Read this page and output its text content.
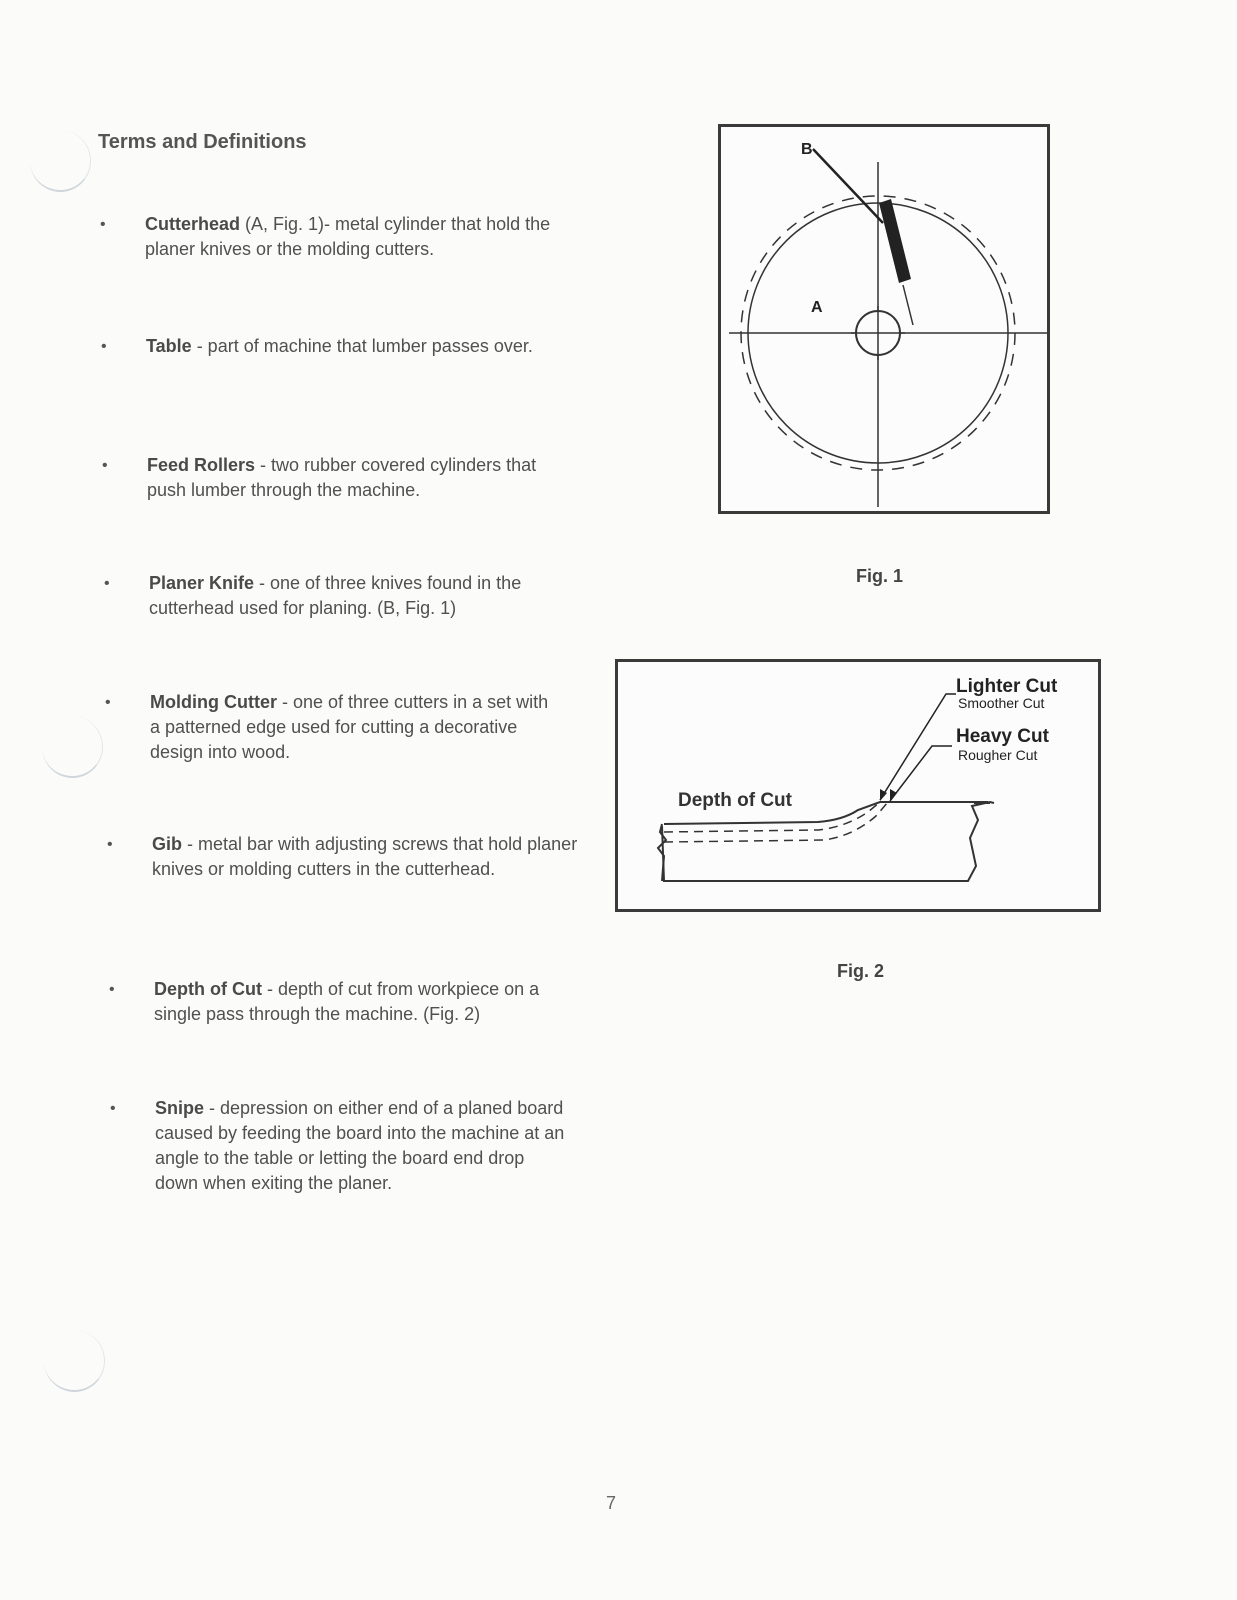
Terms and Definitions
• Cutterhead (A, Fig. 1)- metal cylinder that hold the planer knives or the molding cutters.
• Table - part of machine that lumber passes over.
• Feed Rollers - two rubber covered cylinders that push lumber through the machine.
• Planer Knife - one of three knives found in the cutterhead used for planing. (B, Fig. 1)
• Molding Cutter - one of three cutters in a set with a patterned edge used for cutting a decorative design into wood.
• Gib - metal bar with adjusting screws that hold planer knives or molding cutters in the cutterhead.
• Depth of Cut - depth of cut from workpiece on a single pass through the machine. (Fig. 2)
• Snipe - depression on either end of a planed board caused by feeding the board into the machine at an angle to the table or letting the board end drop down when exiting the planer.
B
A
Fig. 1
Depth of Cut
Lighter Cut
Smoother Cut
Heavy Cut
Rougher Cut
Fig. 2
7
